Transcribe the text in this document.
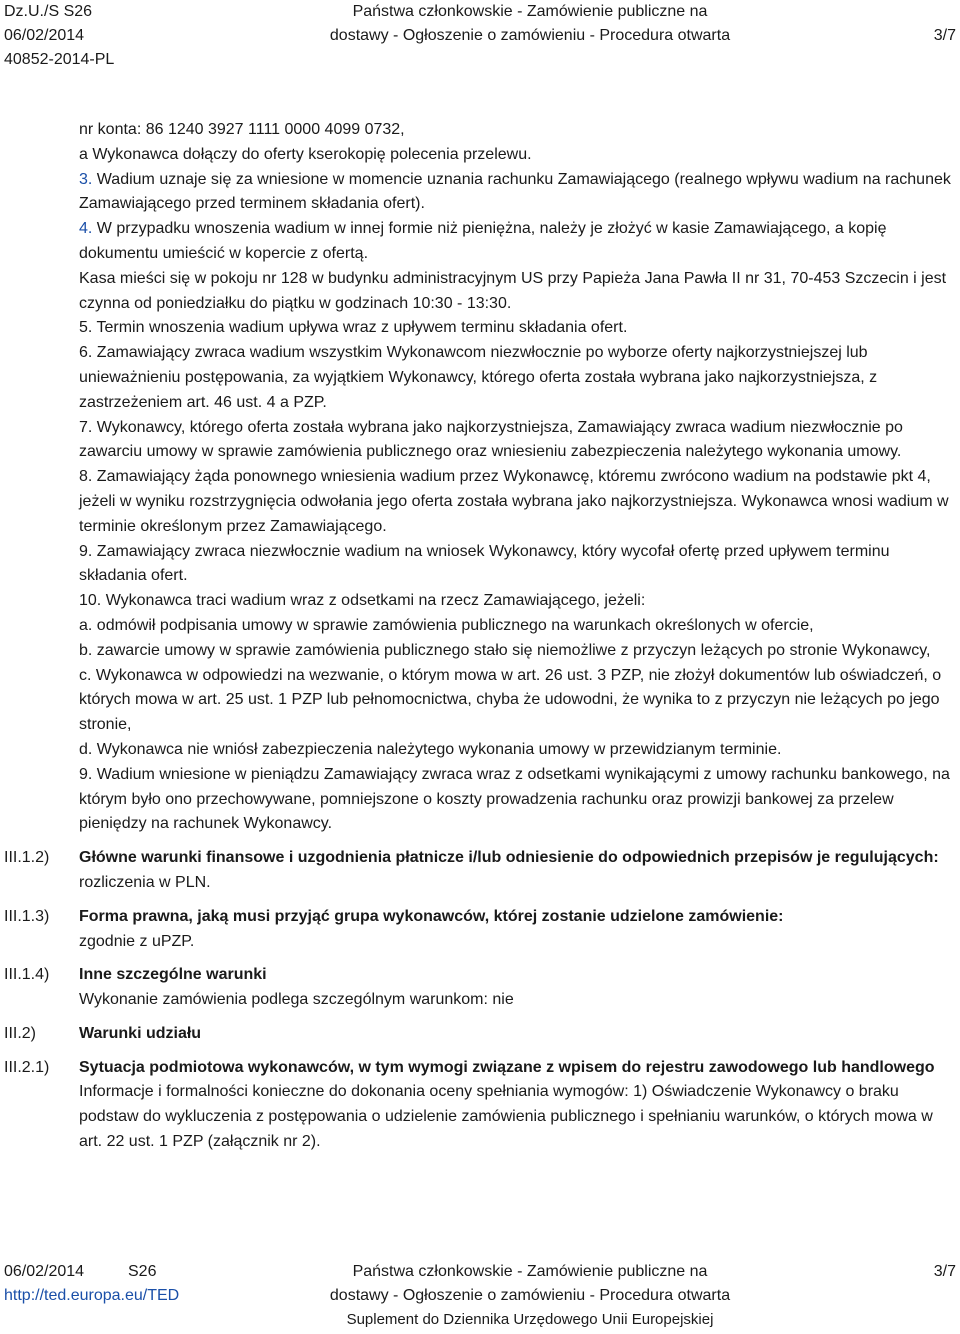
Dz.U./S S26
06/02/2014
40852-2014-PL
Państwa członkowskie - Zamówienie publiczne na
dostawy - Ogłoszenie o zamówieniu - Procedura otwarta	3/7

nr konta: 86 1240 3927 1111 0000 4099 0732,

a Wykonawca dołączy do oferty kserokopię polecenia przelewu.

3. Wadium uznaje się za wniesione w momencie uznania rachunku Zamawiającego (realnego wpływu wadium na rachunek Zamawiającego przed terminem składania ofert).

4. W przypadku wnoszenia wadium w innej formie niż pieniężna, należy je złożyć w kasie Zamawiającego, a kopię dokumentu umieścić w kopercie z ofertą.

Kasa mieści się w pokoju nr 128 w budynku administracyjnym US przy Papieża Jana Pawła II nr 31, 70-453 Szczecin i jest czynna od poniedziałku do piątku w godzinach 10:30 - 13:30.

5. Termin wnoszenia wadium upływa wraz z upływem terminu składania ofert.

6. Zamawiający zwraca wadium wszystkim Wykonawcom niezwłocznie po wyborze oferty najkorzystniejszej lub unieważnieniu postępowania, za wyjątkiem Wykonawcy, którego oferta została wybrana jako najkorzystniejsza, z zastrzeżeniem art. 46 ust. 4 a PZP.

7. Wykonawcy, którego oferta została wybrana jako najkorzystniejsza, Zamawiający zwraca wadium niezwłocznie po zawarciu umowy w sprawie zamówienia publicznego oraz wniesieniu zabezpieczenia należytego wykonania umowy.

8. Zamawiający żąda ponownego wniesienia wadium przez Wykonawcę, któremu zwrócono wadium na podstawie pkt 4, jeżeli w wyniku rozstrzygnięcia odwołania jego oferta została wybrana jako najkorzystniejsza. Wykonawca wnosi wadium w terminie określonym przez Zamawiającego.

9. Zamawiający zwraca niezwłocznie wadium na wniosek Wykonawcy, który wycofał ofertę przed upływem terminu składania ofert.

10. Wykonawca traci wadium wraz z odsetkami na rzecz Zamawiającego, jeżeli:

a. odmówił podpisania umowy w sprawie zamówienia publicznego na warunkach określonych w ofercie,

b. zawarcie umowy w sprawie zamówienia publicznego stało się niemożliwe z przyczyn leżących po stronie Wykonawcy,

c. Wykonawca w odpowiedzi na wezwanie, o którym mowa w art. 26 ust. 3 PZP, nie złożył dokumentów lub oświadczeń, o których mowa w art. 25 ust. 1 PZP lub pełnomocnictwa, chyba że udowodni, że wynika to z przyczyn nie leżących po jego stronie,

d. Wykonawca nie wniósł zabezpieczenia należytego wykonania umowy w przewidzianym terminie.

9. Wadium wniesione w pieniądzu Zamawiający zwraca wraz z odsetkami wynikającymi z umowy rachunku bankowego, na którym było ono przechowywane, pomniejszone o koszty prowadzenia rachunku oraz prowizji bankowej za przelew pieniędzy na rachunek Wykonawcy.

Główne warunki finansowe i uzgodnienia płatnicze i/lub odniesienie do odpowiednich przepisów je regulujących:

rozliczenia w PLN.

Forma prawna, jaką musi przyjąć grupa wykonawców, której zostanie udzielone zamówienie:

zgodnie z uPZP.

Inne szczególne warunki

Wykonanie zamówienia podlega szczególnym warunkom: nie

Warunki udziału

Sytuacja podmiotowa wykonawców, w tym wymogi związane z wpisem do rejestru zawodowego lub handlowego

Informacje i formalności konieczne do dokonania oceny spełniania wymogów: 1) Oświadczenie Wykonawcy o braku podstaw do wykluczenia z postępowania o udzielenie zamówienia publicznego i spełnianiu warunków, o których mowa w art. 22 ust. 1 PZP (załącznik nr 2).

III.1.2)
III.1.3)
III.1.4)
III.2)
III.2.1)
06/02/2014	S26
http://ted.europa.eu/TED
Państwa członkowskie - Zamówienie publiczne na
dostawy - Ogłoszenie o zamówieniu - Procedura otwarta
Suplement do Dziennika Urzędowego Unii Europejskiej
3/7
